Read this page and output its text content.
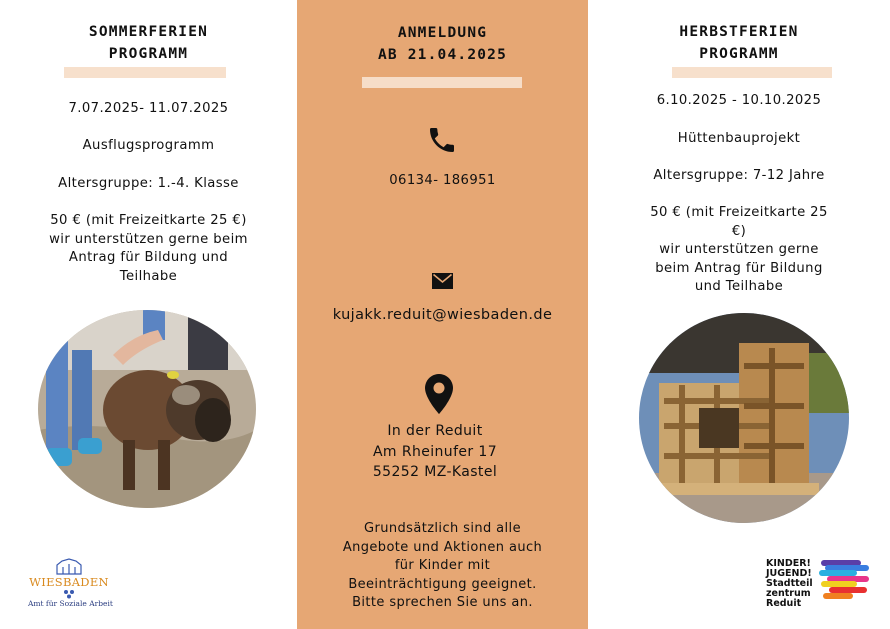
SOMMERFERIEN
PROGRAMM
7.07.2025- 11.07.2025
Ausflugsprogramm
Altersgruppe: 1.-4. Klasse
50 € (mit Freizeitkarte 25 €)
wir unterstützen gerne beim
Antrag für Bildung und
Teilhabe
WIESBADEN
Amt für Soziale Arbeit
ANMELDUNG
AB 21.04.2025
06134- 186951
kujakk.reduit@wiesbaden.de
In der Reduit
Am Rheinufer 17
55252 MZ-Kastel
Grundsätzlich sind alle
Angebote und Aktionen auch
für Kinder mit
Beeinträchtigung geeignet.
Bitte sprechen Sie uns an.
HERBSTFERIEN
PROGRAMM
6.10.2025 - 10.10.2025
Hüttenbauprojekt
Altersgruppe: 7-12 Jahre
50 € (mit Freizeitkarte 25
€)
wir unterstützen gerne
beim Antrag für Bildung
und Teilhabe
KINDER!
JUGEND!
Stadtteil
zentrum
Reduit
